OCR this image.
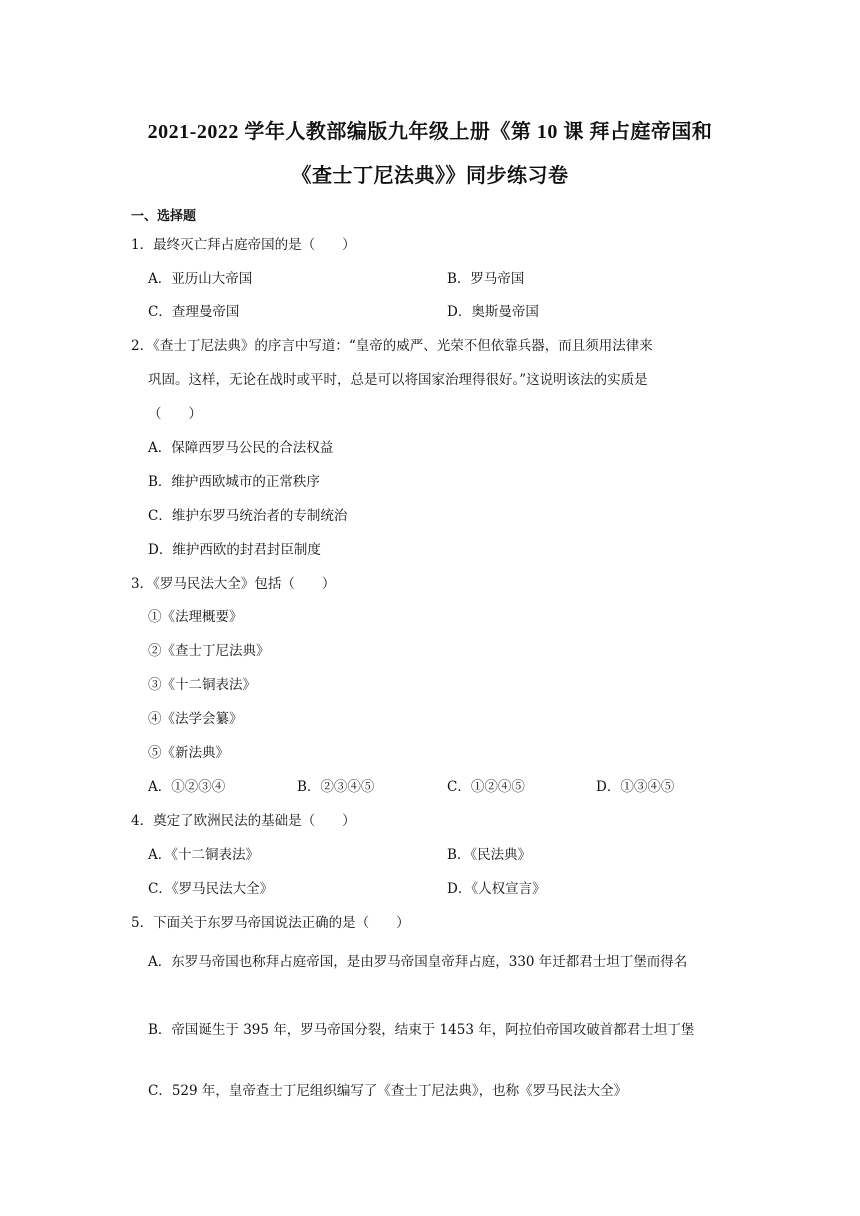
2021-2022 学年人教部编版九年级上册《第 10 课 拜占庭帝国和
《查士丁尼法典》》同步练习卷
一、选择题
1．最终灭亡拜占庭帝国的是（　　）
A．亚历山大帝国	B．罗马帝国
C．查理曼帝国	D．奥斯曼帝国
2．《查士丁尼法典》的序言中写道：“皇帝的威严、光荣不但依靠兵器，而且须用法律来
巩固。这样，无论在战时或平时，总是可以将国家治理得很好。”这说明该法的实质是
（　　）
A．保障西罗马公民的合法权益
B．维护西欧城市的正常秩序
C．维护东罗马统治者的专制统治
D．维护西欧的封君封臣制度
3．《罗马民法大全》包括（　　）
①《法理概要》
②《查士丁尼法典》
③《十二铜表法》
④《法学会纂》
⑤《新法典》
A．①②③④	B．②③④⑤	C．①②④⑤	D．①③④⑤
4．奠定了欧洲民法的基础是（　　）
A．《十二铜表法》	B．《民法典》
C．《罗马民法大全》	D．《人权宣言》
5．下面关于东罗马帝国说法正确的是（　　）
A．东罗马帝国也称拜占庭帝国，是由罗马帝国皇帝拜占庭，330 年迁都君士坦丁堡而得名
B．帝国诞生于 395 年，罗马帝国分裂，结束于 1453 年，阿拉伯帝国攻破首都君士坦丁堡
C．529 年，皇帝查士丁尼组织编写了《查士丁尼法典》，也称《罗马民法大全》
